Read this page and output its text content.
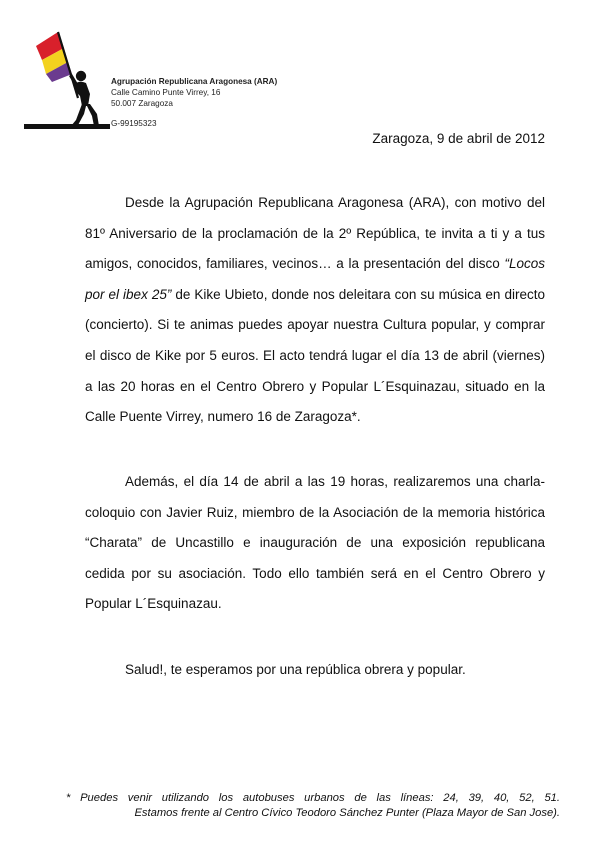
Agrupación Republicana Aragonesa (ARA)
Calle Camino Punte Virrey, 16
50.007 Zaragoza
G-99195323
Zaragoza, 9 de abril de 2012

Desde la Agrupación Republicana Aragonesa (ARA), con motivo del 81º Aniversario de la proclamación de la 2º República, te invita a ti y a tus amigos, conocidos, familiares, vecinos… a la presentación del disco “Locos por el ibex 25” de Kike Ubieto, donde nos deleitara con su música en directo (concierto). Si te animas puedes apoyar nuestra Cultura popular, y comprar el disco de Kike por 5 euros. El acto tendrá lugar el día 13 de abril (viernes) a las 20 horas en el Centro Obrero y Popular L´Esquinazau, situado en la Calle Puente Virrey, numero 16 de Zaragoza*.

Además, el día 14 de abril a las 19 horas, realizaremos una charla-coloquio con Javier Ruiz, miembro de la Asociación de la memoria histórica “Charata” de Uncastillo e inauguración de una exposición republicana cedida por su asociación. Todo ello también será en el Centro Obrero y Popular L´Esquinazau.

Salud!, te esperamos por una república obrera y popular.

* Puedes venir utilizando los autobuses urbanos de las líneas: 24, 39, 40, 52, 51.
Estamos frente al Centro Cívico Teodoro Sánchez Punter (Plaza Mayor de San Jose).
